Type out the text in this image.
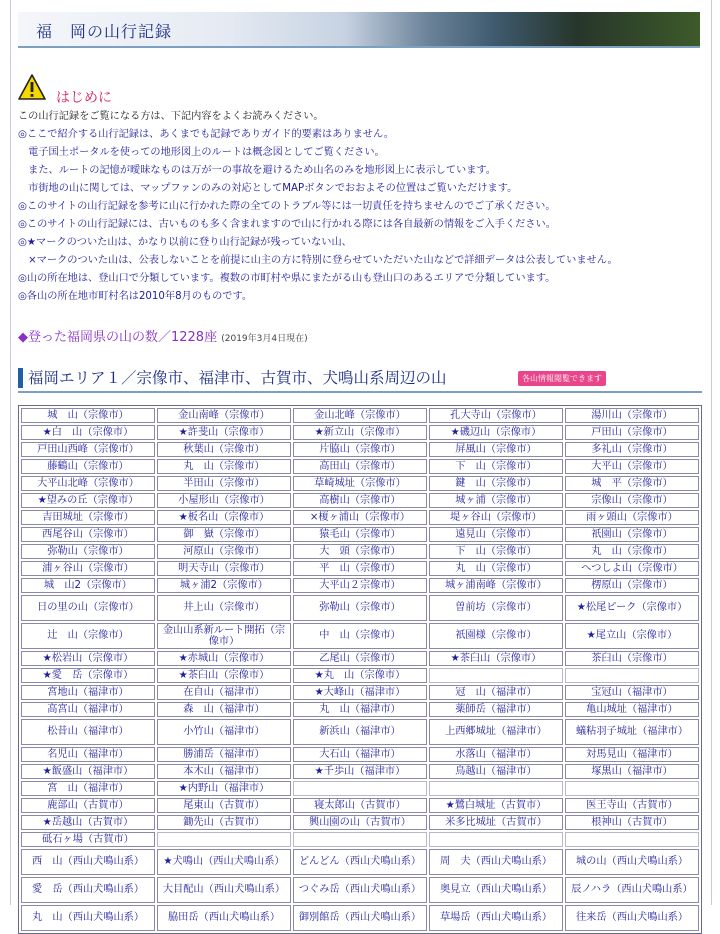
福　岡の山行記録
はじめに
この山行記録をご覧になる方は、下記内容をよくお読みください。
◎ここで紹介する山行記録は、あくまでも記録でありガイド的要素はありません。
　電子国土ポータルを使っての地形図上のルートは概念図としてご覧ください。
　また、ルートの記憶が曖昧なものは万が一の事故を避けるため山名のみを地形図上に表示しています。
　市街地の山に関しては、マップファンのみの対応としてMAPボタンでおおよその位置はご覧いただけます。
◎このサイトの山行記録を参考に山に行かれた際の全てのトラブル等には一切責任を持ちませんのでご了承ください。
◎このサイトの山行記録には、古いものも多く含まれますので山に行かれる際には各自最新の情報をご入手ください。
◎★マークのついた山は、かなり以前に登り山行記録が残っていない山、
　×マークのついた山は、公表しないことを前提に山主の方に特別に登らせていただいた山などで詳細データは公表していません。
◎山の所在地は、登山口で分類しています。複数の市町村や県にまたがる山も登山口のあるエリアで分類しています。
◎各山の所在地市町村名は2010年8月のものです。
◆登った福岡県の山の数／1228座 (2019年3月4日現在)
福岡エリア１／宗像市、福津市、古賀市、犬鳴山系周辺の山	各山情報閲覧できます
城　山（宗像市）	金山南峰（宗像市）	金山北峰（宗像市）	孔大寺山（宗像市）	湯川山（宗像市）
★白　山（宗像市）	★許斐山（宗像市）	★新立山（宗像市）	★磯辺山（宗像市）	戸田山（宗像市）
戸田山西峰（宗像市）	秋葉山（宗像市）	片脇山（宗像市）	屏風山（宗像市）	多礼山（宗像市）
藤鶴山（宗像市）	丸　山（宗像市）	高田山（宗像市）	下　山（宗像市）	大平山（宗像市）
大平山北峰（宗像市）	半田山（宗像市）	草崎城址（宗像市）	鍵　山（宗像市）	城　平（宗像市）
★望みの丘（宗像市）	小屋形山（宗像市）	高樹山（宗像市）	城ヶ浦（宗像市）	宗像山（宗像市）
吉田城址（宗像市）	★板名山（宗像市）	×榎ヶ浦山（宗像市）	堤ヶ谷山（宗像市）	雨ヶ頭山（宗像市）
西尾谷山（宗像市）	御　嶽（宗像市）	猿毛山（宗像市）	遠見山（宗像市）	祇園山（宗像市）
弥勒山（宗像市）	河原山（宗像市）	大　頭（宗像市）	下　山（宗像市）	丸　山（宗像市）
浦ヶ谷山（宗像市）	明天寺山（宗像市）	平　山（宗像市）	丸　山（宗像市）	へつしよ山（宗像市）
城　山2（宗像市）	城ヶ浦2（宗像市）	大平山２宗像市）	城ヶ浦南峰（宗像市）	楞原山（宗像市）
日の里の山（宗像市）	井上山（宗像市）	弥勒山（宗像市）	曽前坊（宗像市）	★松尾ピーク（宗像市）
辻　山（宗像市）	金山山系新ルート開拓（宗像市）	中　山（宗像市）	祇園様（宗像市）	★尾立山（宗像市）
★松岩山（宗像市）	★赤城山（宗像市）	乙尾山（宗像市）	★茶臼山（宗像市）	茶臼山（宗像市）
★愛　岳（宗像市）	★茶臼山（宗像市）	★丸　山（宗像市）		
宮地山（福津市）	在自山（福津市）	★大峰山（福津市）	冠　山（福津市）	宝冠山（福津市）
高宮山（福津市）	森　山（福津市）	丸　山（福津市）	薬師岳（福津市）	亀山城址（福津市）
松昔山（福津市）	小竹山（福津市）	新浜山（福津市）	上西郷城址（福津市）	蟻粘羽子城址（福津市）
名児山（福津市）	勝浦岳（福津市）	大石山（福津市）	水落山（福津市）	対馬見山（福津市）
★飯盛山（福津市）	本木山（福津市）	★千歩山（福津市）	鳥越山（福津市）	塚黒山（福津市）
宮　山（福津市）	★内野山（福津市）			
鹿部山（古賀市）	尾東山（古賀市）	寝太郎山（古賀市）	★鷺白城址（古賀市）	医王寺山（古賀市）
★岳越山（古賀市）	鋤先山（古賀市）	興山園の山（古賀市）	米多比城址（古賀市）	根神山（古賀市）
砥石ヶ場（古賀市）				
西　山（西山犬鳴山系）	★犬鳴山（西山犬鳴山系）	どんどん（西山犬鳴山系）	周　夫（西山犬鳴山系）	城の山（西山犬鳴山系）
愛　岳（西山犬鳴山系）	大目配山（西山犬鳴山系）	つぐみ岳（西山犬鳴山系）	奥見立（西山犬鳴山系）	辰ノハラ（西山犬鳴山系）
丸　山（西山犬鳴山系）	脇田岳（西山犬鳴山系）	御別館岳（西山犬鳴山系）	草場岳（西山犬鳴山系）	往来岳（西山犬鳴山系）
